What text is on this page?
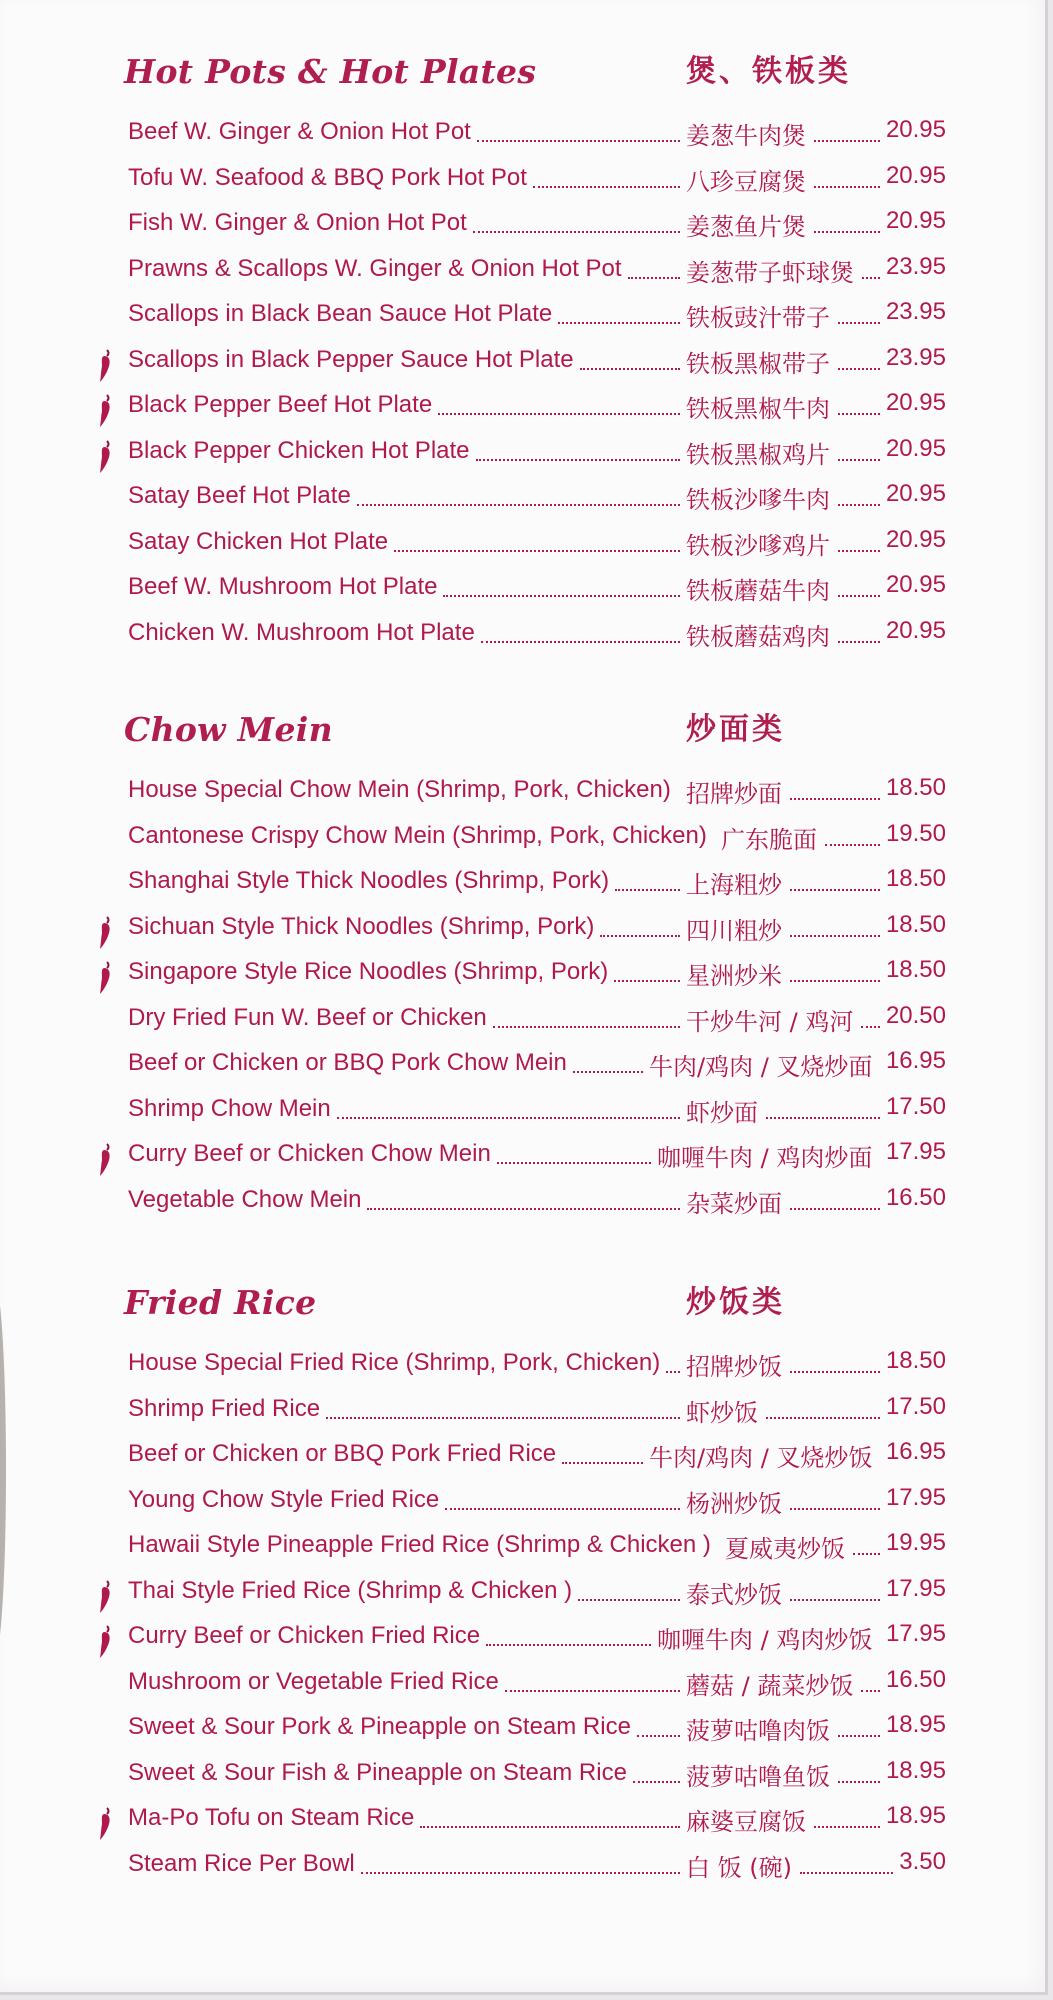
Hot Pots & Hot Plates	煲、铁板类
Beef W. Ginger & Onion Hot Pot	姜葱牛肉煲	20.95
Tofu W. Seafood & BBQ Pork Hot Pot	八珍豆腐煲	20.95
Fish W. Ginger & Onion Hot Pot	姜葱鱼片煲	20.95
Prawns & Scallops W. Ginger & Onion Hot Pot	姜葱带子虾球煲 23.95
Scallops in Black Bean Sauce Hot Plate	铁板豉汁带子 23.95
Scallops in Black Pepper Sauce Hot Plate	铁板黑椒带子 23.95
Black Pepper Beef Hot Plate	铁板黑椒牛肉 20.95
Black Pepper Chicken Hot Plate	铁板黑椒鸡片 20.95
Satay Beef Hot Plate	铁板沙嗲牛肉 20.95
Satay Chicken Hot Plate	铁板沙嗲鸡片 20.95
Beef W. Mushroom Hot Plate	铁板蘑菇牛肉 20.95
Chicken W. Mushroom Hot Plate	铁板蘑菇鸡肉 20.95
Chow Mein	炒面类
House Special Chow Mein (Shrimp, Pork, Chicken) 招牌炒面	18.50
Cantonese Crispy Chow Mein (Shrimp, Pork, Chicken) 广东脆面	19.50
Shanghai Style Thick Noodles (Shrimp, Pork)	上海粗炒	18.50
Sichuan Style Thick Noodles (Shrimp, Pork)	四川粗炒	18.50
Singapore Style Rice Noodles (Shrimp, Pork)	星洲炒米	18.50
Dry Fried Fun W. Beef or Chicken	干炒牛河 / 鸡河 20.50
Beef or Chicken or BBQ Pork Chow Mein	牛肉/鸡肉 / 叉烧炒面 16.95
Shrimp Chow Mein	虾炒面	17.50
Curry Beef or Chicken Chow Mein	咖喱牛肉 / 鸡肉炒面 17.95
Vegetable Chow Mein	杂菜炒面	16.50
Fried Rice	炒饭类
House Special Fried Rice (Shrimp, Pork, Chicken) 招牌炒饭	18.50
Shrimp Fried Rice	虾炒饭	17.50
Beef or Chicken or BBQ Pork Fried Rice	牛肉/鸡肉 / 叉烧炒饭 16.95
Young Chow Style Fried Rice	杨洲炒饭	17.95
Hawaii Style Pineapple Fried Rice (Shrimp & Chicken ) 夏威夷炒饭 19.95
Thai Style Fried Rice (Shrimp & Chicken )	泰式炒饭	17.95
Curry Beef or Chicken Fried Rice	咖喱牛肉 / 鸡肉炒饭 17.95
Mushroom or Vegetable Fried Rice	蘑菇 / 蔬菜炒饭 16.50
Sweet & Sour Pork & Pineapple on Steam Rice 菠萝咕噜肉饭 18.95
Sweet & Sour Fish & Pineapple on Steam Rice 菠萝咕噜鱼饭 18.95
Ma-Po Tofu on Steam Rice	麻婆豆腐饭	18.95
Steam Rice Per Bowl	白 饭 (碗)	3.50
